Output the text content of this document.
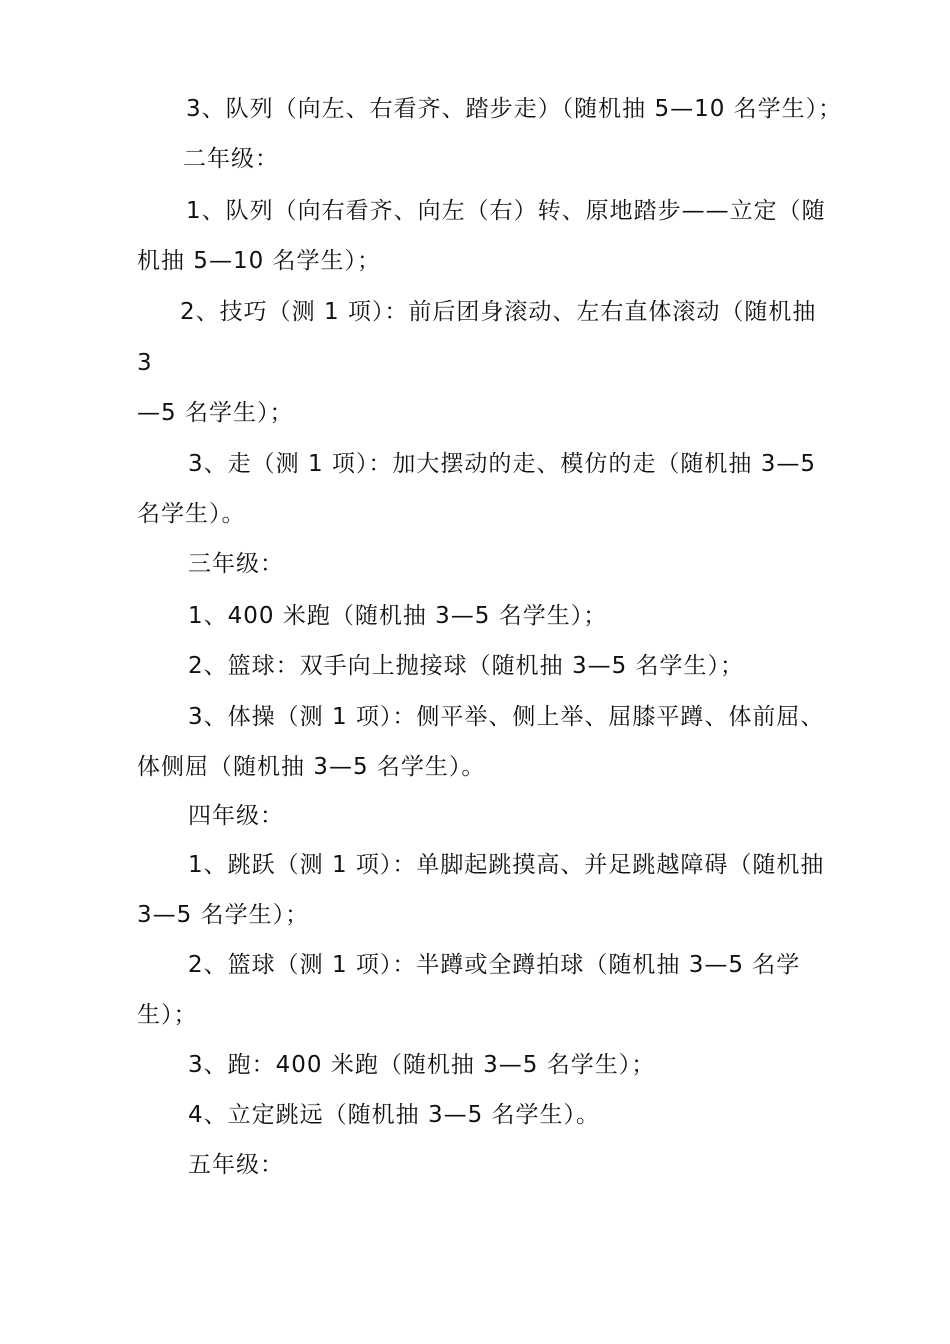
3、队列（向左、右看齐、踏步走）（随机抽 5—10 名学生）；
二年级：
1、队列（向右看齐、向左（右）转、原地踏步——立定（随
机抽 5—10 名学生）；
2、技巧（测 1 项）：前后团身滚动、左右直体滚动（随机抽
3
—5 名学生）；
3、走（测 1 项）：加大摆动的走、模仿的走（随机抽 3—5
名学生）。
三年级：
1、400 米跑（随机抽 3—5 名学生）；
2、篮球：双手向上抛接球（随机抽 3—5 名学生）；
3、体操（测 1 项）：侧平举、侧上举、屈膝平蹲、体前屈、
体侧屈（随机抽 3—5 名学生）。
四年级：
1、跳跃（测 1 项）：单脚起跳摸高、并足跳越障碍（随机抽
3—5 名学生）；
2、篮球（测 1 项）：半蹲或全蹲拍球（随机抽 3—5 名学
生）；
3、跑：400 米跑（随机抽 3—5 名学生）；
4、立定跳远（随机抽 3—5 名学生）。
五年级：
